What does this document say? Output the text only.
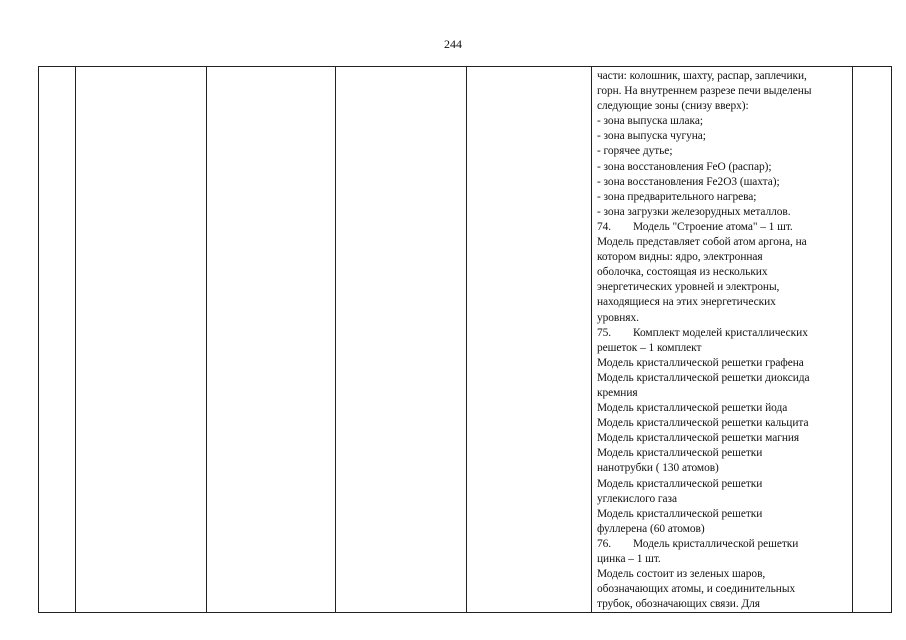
244

части: колошник, шахту, распар, заплечики,
горн. На внутреннем разрезе печи выделены
следующие зоны (снизу вверх):
- зона выпуска шлака;
- зона выпуска чугуна;
- горячее дутье;
- зона восстановления FeO (распар);
- зона восстановления Fe2O3 (шахта);
- зона предварительного нагрева;
- зона загрузки железорудных металлов.
74. Модель "Строение атома" – 1 шт.
Модель представляет собой атом аргона, на
котором видны: ядро, электронная
оболочка, состоящая из нескольких
энергетических уровней и электроны,
находящиеся на этих энергетических
уровнях.
75. Комплект моделей кристаллических
решеток – 1 комплект
Модель кристаллической решетки графена
Модель кристаллической решетки диоксида
кремния
Модель кристаллической решетки йода
Модель кристаллической решетки кальцита
Модель кристаллической решетки магния
Модель кристаллической решетки
нанотрубки ( 130 атомов)
Модель кристаллической решетки
углекислого газа
Модель кристаллической решетки
фуллерена (60 атомов)
76. Модель кристаллической решетки
цинка – 1 шт.
Модель состоит из зеленых шаров,
обозначающих атомы, и соединительных
трубок, обозначающих связи. Для
